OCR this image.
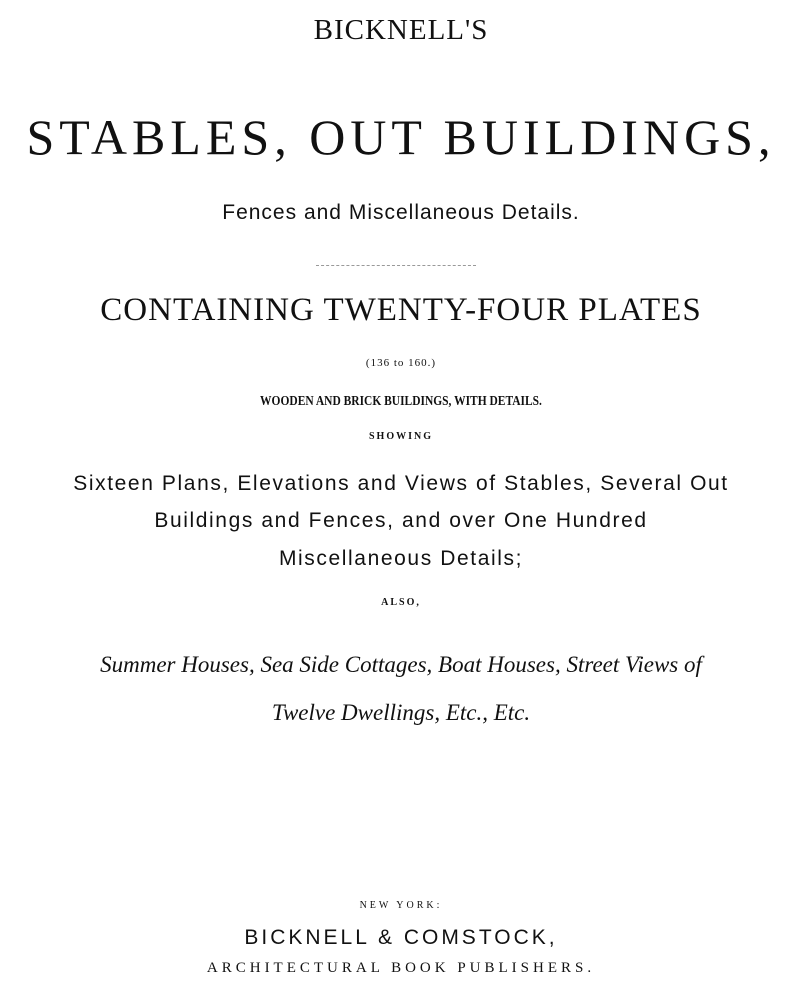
BICKNELL'S
STABLES, OUT BUILDINGS,
Fences and Miscellaneous Details.
CONTAINING TWENTY-FOUR PLATES
(136 to 160.)
WOODEN AND BRICK BUILDINGS, WITH DETAILS.
SHOWING
Sixteen Plans, Elevations and Views of Stables, Several Out
Buildings and Fences, and over One Hundred
Miscellaneous Details;
ALSO,
Summer Houses, Sea Side Cottages, Boat Houses, Street Views of
Twelve Dwellings, Etc., Etc.
NEW YORK:
BICKNELL & COMSTOCK,
ARCHITECTURAL BOOK PUBLISHERS.
